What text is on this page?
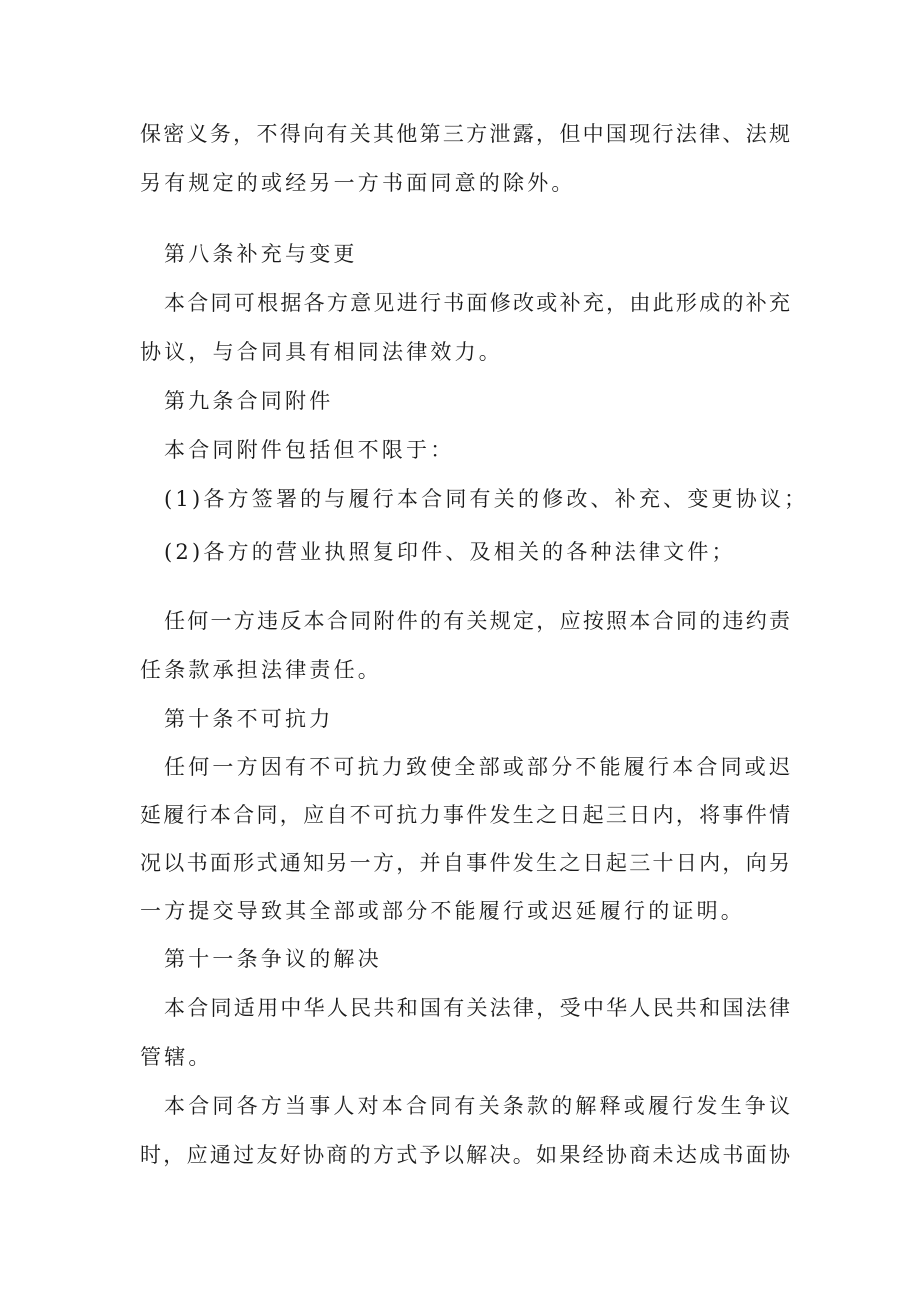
保密义务，不得向有关其他第三方泄露，但中国现行法律、法规
另有规定的或经另一方书面同意的除外。
第八条补充与变更
本合同可根据各方意见进行书面修改或补充，由此形成的补充
协议，与合同具有相同法律效力。
第九条合同附件
本合同附件包括但不限于：
(1)各方签署的与履行本合同有关的修改、补充、变更协议；
(2)各方的营业执照复印件、及相关的各种法律文件；
任何一方违反本合同附件的有关规定，应按照本合同的违约责
任条款承担法律责任。
第十条不可抗力
任何一方因有不可抗力致使全部或部分不能履行本合同或迟
延履行本合同，应自不可抗力事件发生之日起三日内，将事件情
况以书面形式通知另一方，并自事件发生之日起三十日内，向另
一方提交导致其全部或部分不能履行或迟延履行的证明。
第十一条争议的解决
本合同适用中华人民共和国有关法律，受中华人民共和国法律
管辖。
本合同各方当事人对本合同有关条款的解释或履行发生争议
时，应通过友好协商的方式予以解决。如果经协商未达成书面协
